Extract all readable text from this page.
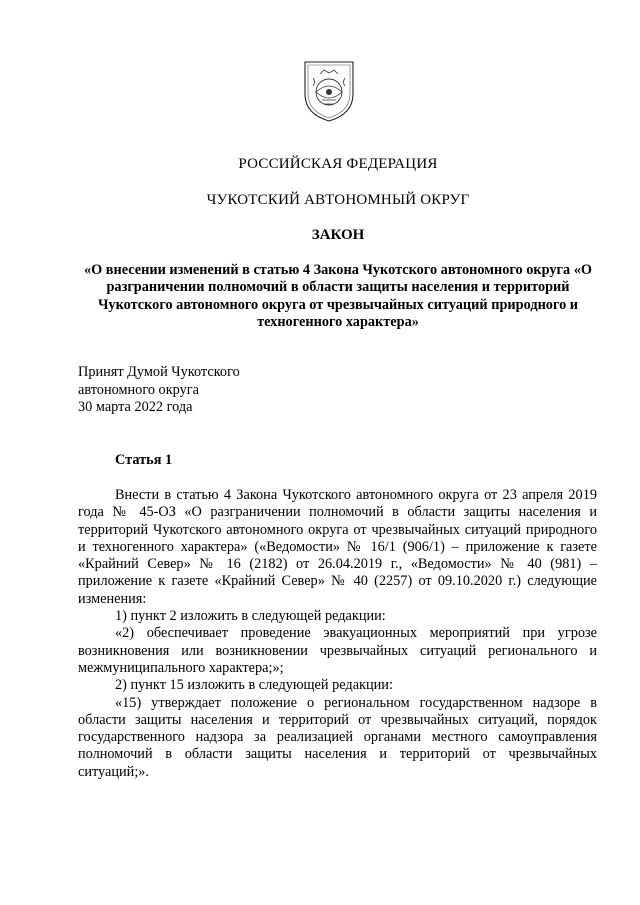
РОССИЙСКАЯ ФЕДЕРАЦИЯ
ЧУКОТСКИЙ АВТОНОМНЫЙ ОКРУГ
ЗАКОН
«О внесении изменений в статью 4 Закона Чукотского автономного округа «О разграничении полномочий в области защиты населения и территорий Чукотского автономного округа от чрезвычайных ситуаций природного и техногенного характера»
Принят Думой Чукотского
автономного округа
30 марта 2022 года
Статья 1

Внести в статью 4 Закона Чукотского автономного округа от 23 апреля 2019 года № 45-ОЗ «О разграничении полномочий в области защиты населения и территорий Чукотского автономного округа от чрезвычайных ситуаций природного и техногенного характера» («Ведомости» № 16/1 (906/1) – приложение к газете «Крайний Север» № 16 (2182) от 26.04.2019 г., «Ведомости» № 40 (981) – приложение к газете «Крайний Север» № 40 (2257) от 09.10.2020 г.) следующие изменения:

1) пункт 2 изложить в следующей редакции:

«2) обеспечивает проведение эвакуационных мероприятий при угрозе возникновения или возникновении чрезвычайных ситуаций регионального и межмуниципального характера;»;

2) пункт 15 изложить в следующей редакции:

«15) утверждает положение о региональном государственном надзоре в области защиты населения и территорий от чрезвычайных ситуаций, порядок государственного надзора за реализацией органами местного самоуправления полномочий в области защиты населения и территорий от чрезвычайных ситуаций;».
